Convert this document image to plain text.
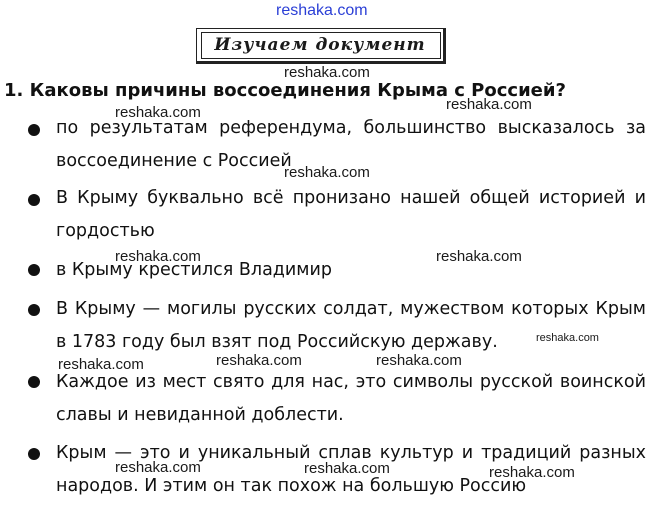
reshaka.com
reshaka.com
reshaka.com
reshaka.com
reshaka.com
reshaka.com	reshaka.com
reshaka.com
reshaka.com	reshaka.com
reshaka.com
reshaka.com	reshaka.com	reshaka.com
Изучаем документ
1. Каковы причины воссоединения Крыма с Россией?
по результатам референдума, большинство высказалось за воссоединение с Россией
В Крыму буквально всё пронизано нашей общей историей и гордостью
в Крыму крестился Владимир
В Крыму — могилы русских солдат, мужеством которых Крым в 1783 году был взят под Российскую державу.
Каждое из мест свято для нас, это символы русской воинской славы и невиданной доблести.
Крым — это и уникальный сплав культур и традиций разных народов. И этим он так похож на большую Россию
